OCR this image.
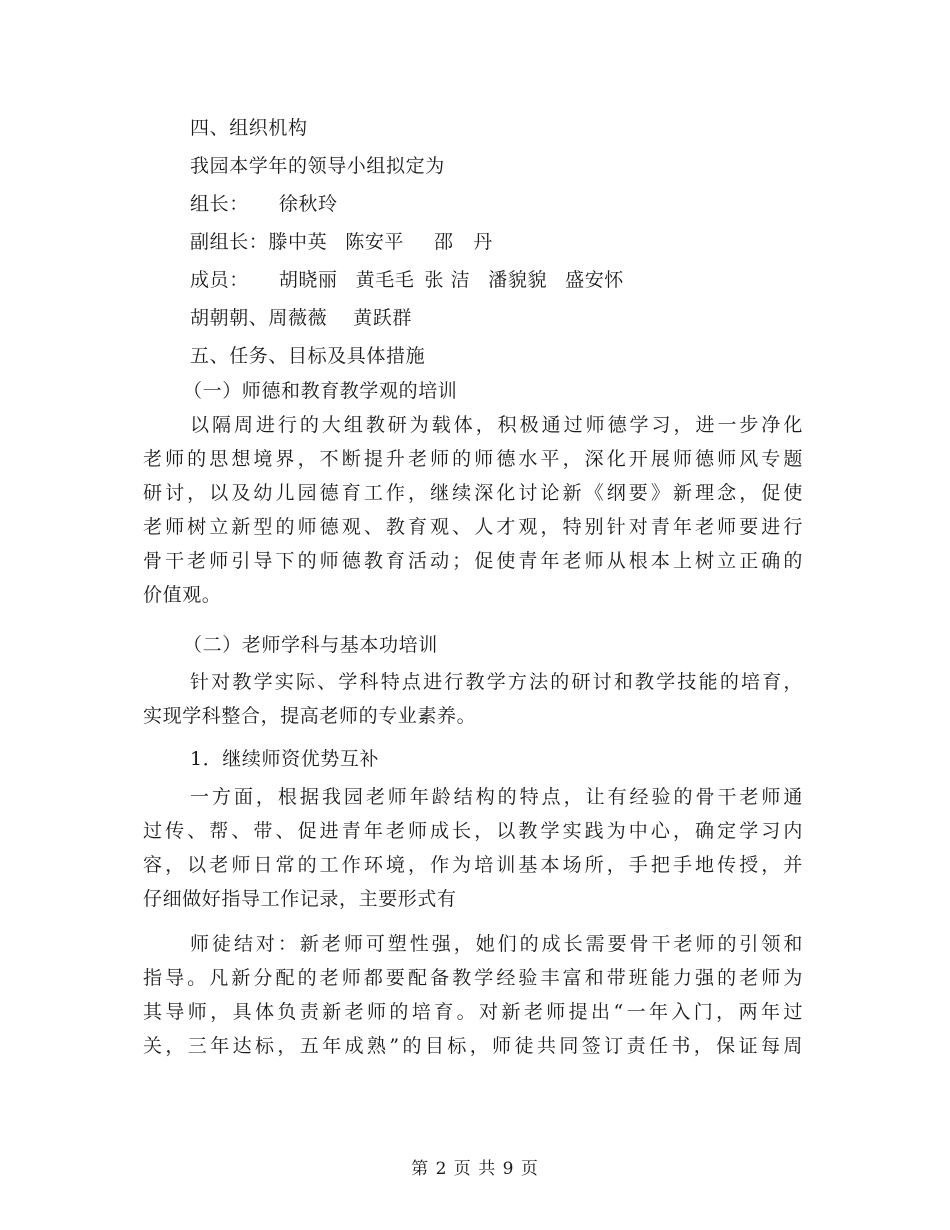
四、组织机构

我园本学年的领导小组拟定为

组长： 徐秋玲

副组长：滕中英 陈安平 邵　丹

成员： 胡晓丽 黄毛毛 张 洁 潘貌貌 盛安怀

胡朝朝、周薇薇 黄跃群

五、任务、目标及具体措施

（一）师德和教育教学观的培训

以隔周进行的大组教研为载体，积极通过师德学习，进一步净化

老师的思想境界，不断提升老师的师德水平，深化开展师德师风专题

研讨，以及幼儿园德育工作，继续深化讨论新《纲要》新理念，促使

老师树立新型的师德观、教育观、人才观，特别针对青年老师要进行

骨干老师引导下的师德教育活动；促使青年老师从根本上树立正确的

价值观。

（二）老师学科与基本功培训

针对教学实际、学科特点进行教学方法的研讨和教学技能的培育，

实现学科整合，提高老师的专业素养。

1．继续师资优势互补

一方面，根据我园老师年龄结构的特点，让有经验的骨干老师通

过传、帮、带、促进青年老师成长，以教学实践为中心，确定学习内

容，以老师日常的工作环境，作为培训基本场所，手把手地传授，并

仔细做好指导工作记录，主要形式有

师徒结对：新老师可塑性强，她们的成长需要骨干老师的引领和

指导。凡新分配的老师都要配备教学经验丰富和带班能力强的老师为

其导师，具体负责新老师的培育。对新老师提出“一年入门，两年过

关，三年达标，五年成熟”的目标，师徒共同签订责任书，保证每周

第 2 页 共 9 页
